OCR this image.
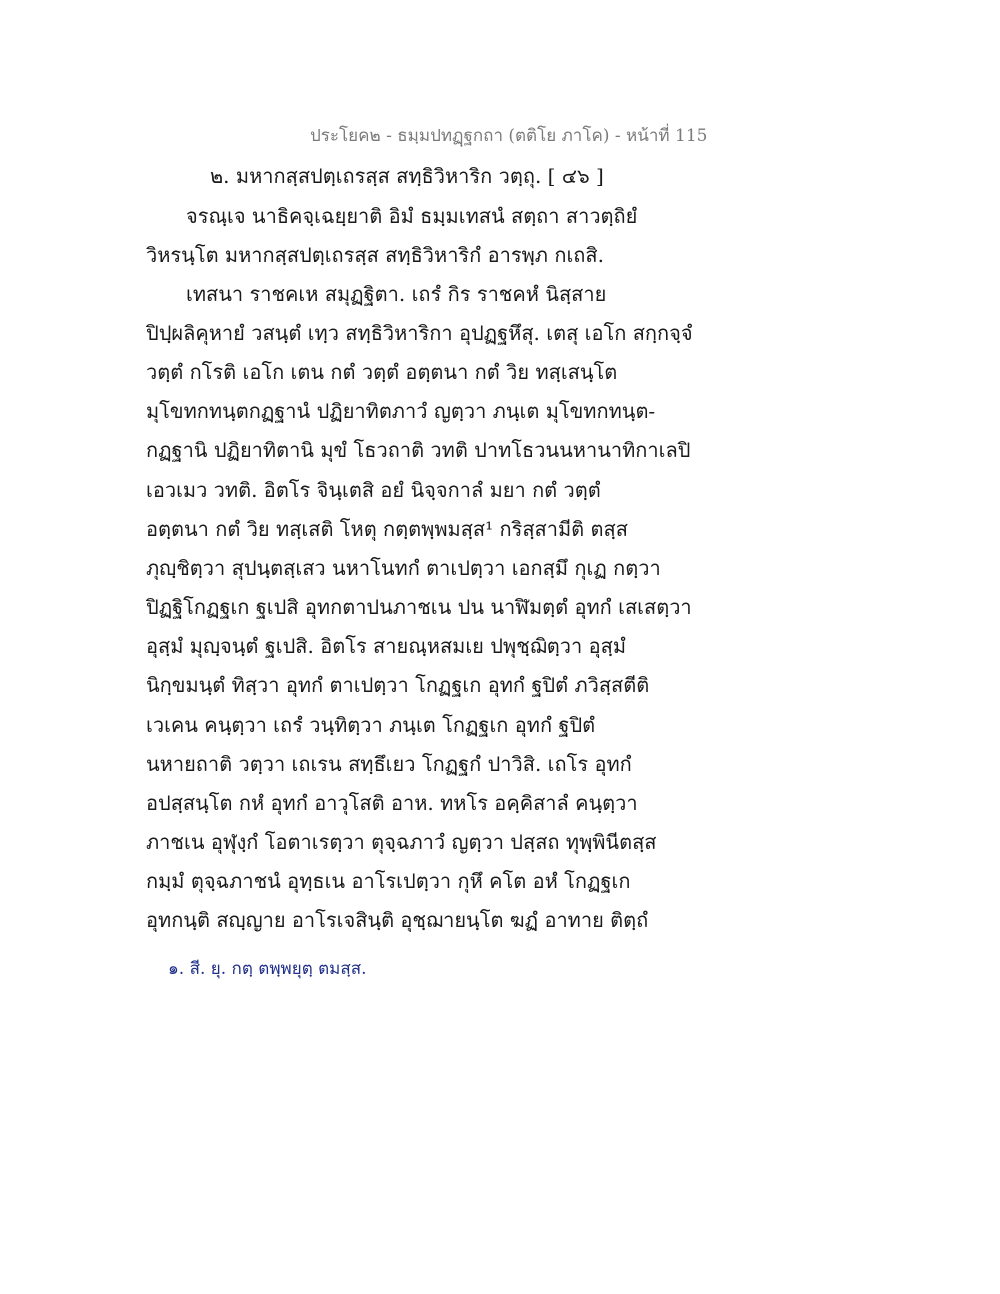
ประโยค๒ - ธมฺมปทฏฺฐกถา (ตติโย ภาโค) - หน้าที่ 115
๒. มหากสฺสปตฺเถรสฺส สทฺธิวิหาริก วตฺถุ. [ ๔๖ ]
จรณฺเจ นาธิคจฺเฉยฺยาติ อิมํ ธมฺมเทสนํ สตฺถา สาวตฺถิยํ
วิหรนฺโต มหากสฺสปตฺเถรสฺส สทฺธิวิหาริกํ อารพฺภ กเถสิ.
เทสนา ราชคเห สมุฏฺฐิตา. เถรํ กิร ราชคหํ นิสฺสาย
ปิปฺผลิคุหายํ วสนฺตํ เทฺว สทฺธิวิหาริกา อุปฏฺฐหึสุ. เตสุ เอโก สกฺกจฺจํ
วตฺตํ กโรติ เอโก เตน กตํ วตฺตํ อตฺตนา กตํ วิย ทสฺเสนฺโต
มุโขทกทนฺตกฏฺฐานํ ปฏิยาทิตภาวํ ญตฺวา ภนฺเต มุโขทกทนฺต-
กฏฺฐานิ ปฏิยาทิตานิ มุขํ โธวถาติ วทติ ปาทโธวนนหานาทิกาเลปิ
เอวเมว วทติ. อิตโร จินฺเตสิ อยํ นิจฺจกาลํ มยา กตํ วตฺตํ
อตฺตนา กตํ วิย ทสฺเสติ โหตุ กตฺตพฺพมสฺส¹ กริสฺสามีติ ตสฺส
ภุญฺชิตฺวา สุปนฺตสฺเสว นหาโนทกํ ตาเปตฺวา เอกสฺมึ กุเฏ กตฺวา
ปิฏฺฐิโกฏฺฐเก ฐเปสิ อุทกตาปนภาชเน ปน นาฬิมตฺตํ อุทกํ เสเสตฺวา
อุสฺมํ มุญฺจนฺตํ ฐเปสิ. อิตโร สายณฺหสมเย ปพุชฺฌิตฺวา อุสฺมํ
นิกฺขมนฺตํ ทิสฺวา อุทกํ ตาเปตฺวา โกฏฺฐเก อุทกํ ฐปิตํ ภวิสฺสตีติ
เวเคน คนฺตฺวา เถรํ วนฺทิตฺวา ภนฺเต โกฏฺฐเก อุทกํ ฐปิตํ
นหายถาติ วตฺวา เถเรน สทฺธึเยว โกฏฺฐกํ ปาวิสิ. เถโร อุทกํ
อปสฺสนฺโต กหํ อุทกํ อาวุโสติ อาห. ทหโร อคฺคิสาลํ คนฺตฺวา
ภาชเน อุฬุงฺกํ โอตาเรตฺวา ตุจฺฉภาวํ ญตฺวา ปสฺสถ ทุพฺพินีตสฺส
กมฺมํ ตุจฺฉภาชนํ อุทฺธเน อาโรเปตฺวา กุหึ คโต อหํ โกฏฺฐเก
อุทกนฺติ สญฺญาย อาโรเจสินฺติ อุชฺฌายนฺโต ฆฏํ อาทาย ติตฺถํ
๑. สี. ยุ. กตฺ ตพฺพยุตฺ ตมสฺส.
